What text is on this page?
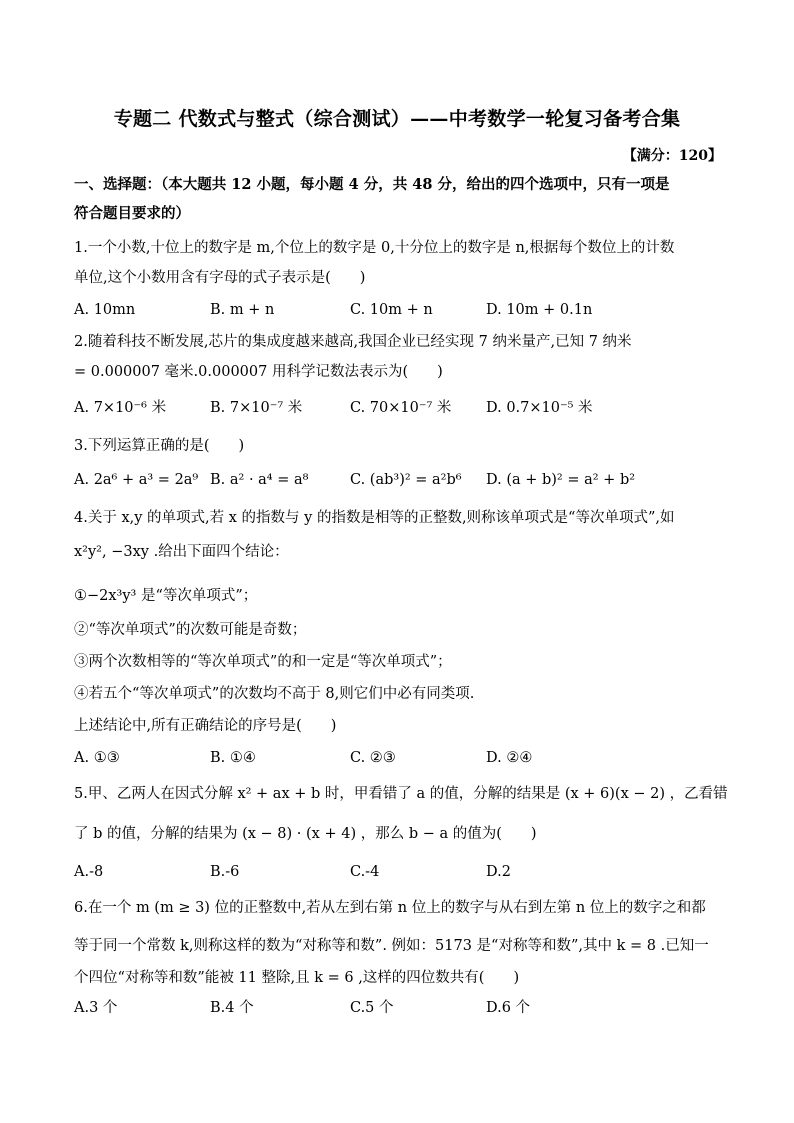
专题二 代数式与整式（综合测试）——中考数学一轮复习备考合集
【满分：120】
一、选择题：（本大题共 12 小题，每小题 4 分，共 48 分，给出的四个选项中，只有一项是
符合题目要求的）
1.一个小数,十位上的数字是 m,个位上的数字是 0,十分位上的数字是 n,根据每个数位上的计数
单位,这个小数用含有字母的式子表示是(　　)
A. 10mn	B. m + n	C. 10m + n	D. 10m + 0.1n
2.随着科技不断发展,芯片的集成度越来越高,我国企业已经实现 7 纳米量产,已知 7 纳米
= 0.000007 毫米.0.000007 用科学记数法表示为(　　)
A. 7×10⁻⁶ 米	B. 7×10⁻⁷ 米	C. 70×10⁻⁷ 米 D. 0.7×10⁻⁵ 米
3.下列运算正确的是(　　)
A. 2a⁶ + a³ = 2a⁹ B. a² · a⁴ = a⁸	C. (ab³)² = a²b⁶ D. (a + b)² = a² + b²
4.关于 x,y 的单项式,若 x 的指数与 y 的指数是相等的正整数,则称该单项式是“等次单项式”,如
x²y², −3xy .给出下面四个结论：
①−2x³y³ 是“等次单项式”；
②“等次单项式”的次数可能是奇数；
③两个次数相等的“等次单项式”的和一定是“等次单项式”；
④若五个“等次单项式”的次数均不高于 8,则它们中必有同类项.
上述结论中,所有正确结论的序号是(　　)
A. ①③	B. ①④	C. ②③	D. ②④
5.甲、乙两人在因式分解 x² + ax + b 时，甲看错了 a 的值，分解的结果是 (x + 6)(x − 2) ，乙看错
了 b 的值，分解的结果为 (x − 8) · (x + 4) ，那么 b − a 的值为(　　)
A.-8	B.-6	C.-4	D.2
6.在一个 m (m ≥ 3) 位的正整数中,若从左到右第 n 位上的数字与从右到左第 n 位上的数字之和都
等于同一个常数 k,则称这样的数为“对称等和数”. 例如：5173 是“对称等和数”,其中 k = 8 .已知一
个四位“对称等和数”能被 11 整除,且 k = 6 ,这样的四位数共有(　　)
A.3 个	B.4 个	C.5 个	D.6 个
